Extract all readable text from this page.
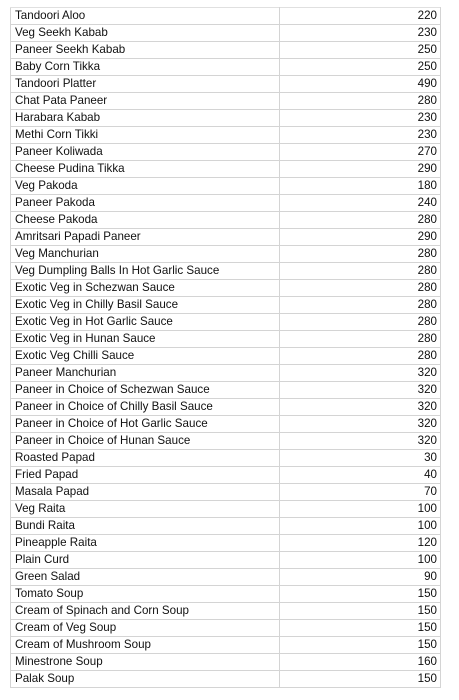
Tandoori Aloo	220
Veg Seekh Kabab	230
Paneer Seekh Kabab	250
Baby Corn Tikka	250
Tandoori Platter	490
Chat Pata Paneer	280
Harabara Kabab	230
Methi Corn Tikki	230
Paneer Koliwada	270
Cheese Pudina Tikka	290
Veg Pakoda	180
Paneer Pakoda	240
Cheese Pakoda	280
Amritsari Papadi Paneer	290
Veg Manchurian	280
Veg Dumpling Balls In Hot Garlic Sauce	280
Exotic Veg in Schezwan Sauce	280
Exotic Veg in Chilly Basil Sauce	280
Exotic Veg in Hot Garlic Sauce	280
Exotic Veg in Hunan Sauce	280
Exotic Veg Chilli Sauce	280
Paneer Manchurian	320
Paneer in Choice of Schezwan Sauce	320
Paneer in Choice of Chilly Basil Sauce	320
Paneer in Choice of Hot Garlic Sauce	320
Paneer in Choice of Hunan Sauce	320
Roasted Papad	30
Fried Papad	40
Masala Papad	70
Veg Raita	100
Bundi Raita	100
Pineapple Raita	120
Plain Curd	100
Green Salad	90
Tomato Soup	150
Cream of Spinach and Corn Soup	150
Cream of Veg Soup	150
Cream of Mushroom Soup	150
Minestrone Soup	160
Palak Soup	150
